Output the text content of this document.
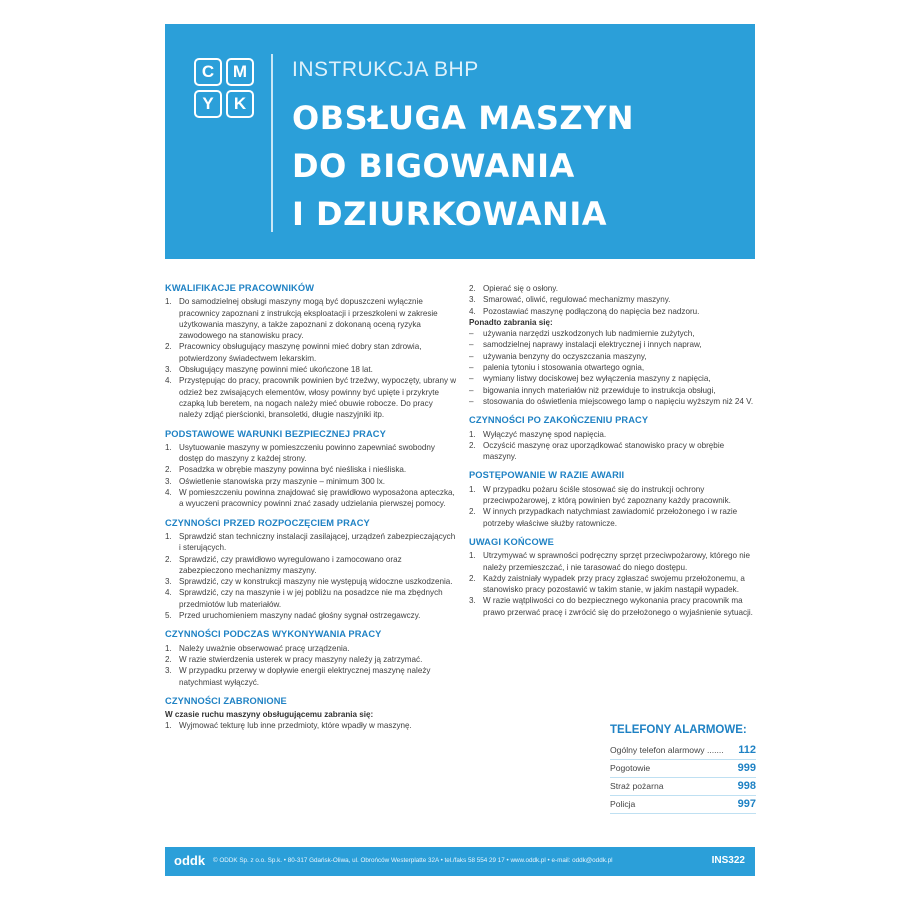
C	M
Y	K
INSTRUKCJA BHP
OBSŁUGA MASZYN
DO BIGOWANIA
I DZIURKOWANIA
KWALIFIKACJE PRACOWNIKÓW
1. Do samodzielnej obsługi maszyny mogą być dopuszczeni wyłącznie pracownicy zapoznani z instrukcją eksploatacji i przeszkoleni w zakresie użytkowania maszyny, a także zapoznani z dokonaną oceną ryzyka zawodowego na stanowisku pracy.
2. Pracownicy obsługujący maszynę powinni mieć dobry stan zdrowia, potwierdzony świadectwem lekarskim.
3. Obsługujący maszynę powinni mieć ukończone 18 lat.
4. Przystępując do pracy, pracownik powinien być trzeźwy, wypoczęty, ubrany w odzież bez zwisających elementów, włosy powinny być upięte i przykryte czapką lub beretem, na nogach należy mieć obuwie robocze. Do pracy należy zdjąć pierścionki, bransoletki, długie naszyjniki itp.
PODSTAWOWE WARUNKI BEZPIECZNEJ PRACY
1. Usytuowanie maszyny w pomieszczeniu powinno zapewniać swobodny dostęp do maszyny z każdej strony.
2. Posadzka w obrębie maszyny powinna być nieśliska i nieśliska.
3. Oświetlenie stanowiska przy maszynie – minimum 300 lx.
4. W pomieszczeniu powinna znajdować się prawidłowo wyposażona apteczka, a wyuczeni pracownicy powinni znać zasady udzielania pierwszej pomocy.
CZYNNOŚCI PRZED ROZPOCZĘCIEM PRACY
1. Sprawdzić stan techniczny instalacji zasilającej, urządzeń zabezpieczających i sterujących.
2. Sprawdzić, czy prawidłowo wyregulowano i zamocowano oraz zabezpieczono mechanizmy maszyny.
3. Sprawdzić, czy w konstrukcji maszyny nie występują widoczne uszkodzenia.
4. Sprawdzić, czy na maszynie i w jej pobliżu na posadzce nie ma zbędnych przedmiotów lub materiałów.
5. Przed uruchomieniem maszyny nadać głośny sygnał ostrzegawczy.
CZYNNOŚCI PODCZAS WYKONYWANIA PRACY
1. Należy uważnie obserwować pracę urządzenia.
2. W razie stwierdzenia usterek w pracy maszyny należy ją zatrzymać.
3. W przypadku przerwy w dopływie energii elektrycznej maszynę należy natychmiast wyłączyć.
CZYNNOŚCI ZABRONIONE
W czasie ruchu maszyny obsługującemu zabrania się:
1. Wyjmować tekturę lub inne przedmioty, które wpadły w maszynę.
2. Opierać się o osłony.
3. Smarować, oliwić, regulować mechanizmy maszyny.
4. Pozostawiać maszynę podłączoną do napięcia bez nadzoru.
Ponadto zabrania się:
– używania narzędzi uszkodzonych lub nadmiernie zużytych,
– samodzielnej naprawy instalacji elektrycznej i innych napraw,
– używania benzyny do oczyszczania maszyny,
– palenia tytoniu i stosowania otwartego ognia,
– wymiany listwy dociskowej bez wyłączenia maszyny z napięcia,
– bigowania innych materiałów niż przewiduje to instrukcja obsługi,
– stosowania do oświetlenia miejscowego lamp o napięciu wyższym niż 24 V.
CZYNNOŚCI PO ZAKOŃCZENIU PRACY
1. Wyłączyć maszynę spod napięcia.
2. Oczyścić maszynę oraz uporządkować stanowisko pracy w obrębie maszyny.
POSTĘPOWANIE W RAZIE AWARII
1. W przypadku pożaru ściśle stosować się do instrukcji ochrony przeciwpożarowej, z którą powinien być zapoznany każdy pracownik.
2. W innych przypadkach natychmiast zawiadomić przełożonego i w razie potrzeby właściwe służby ratownicze.
UWAGI KOŃCOWE
1. Utrzymywać w sprawności podręczny sprzęt przeciwpożarowy, którego nie należy przemieszczać, i nie tarasować do niego dostępu.
2. Każdy zaistniały wypadek przy pracy zgłaszać swojemu przełożonemu, a stanowisko pracy pozostawić w takim stanie, w jakim nastąpił wypadek.
3. W razie wątpliwości co do bezpiecznego wykonania pracy pracownik ma prawo przerwać pracę i zwrócić się do przełożonego o wyjaśnienie sytuacji.
TELEFONY ALARMOWE:
Ogólny telefon alarmowy ....... 112
Pogotowie	999
Straż pożarna	998
Policja	997
oddk © ODDK Sp. z o.o. Sp.k. • 80-317 Gdańsk-Oliwa, ul. Obrońców Westerplatte 32A • tel./faks 58 554 29 17 • www.oddk.pl • e-mail: oddk@oddk.pl	INS322
